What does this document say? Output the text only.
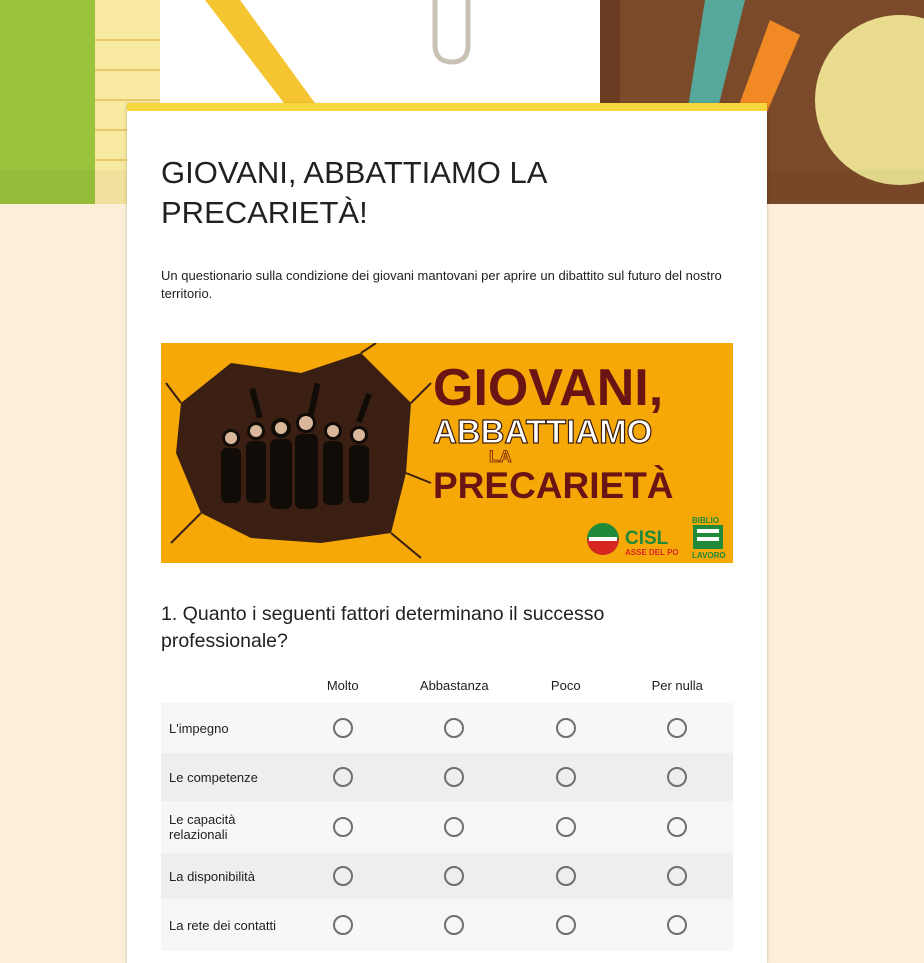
GIOVANI, ABBATTIAMO LA PRECARIETÀ!
Un questionario sulla condizione dei giovani mantovani per aprire un dibattito sul futuro del nostro territorio.
GIOVANI,
ABBATTIAMO
LA
PRECARIETÀ
CISL
ASSE DEL PO
BIBLIO
LAVORO
1. Quanto i seguenti fattori determinano il successo professionale?
Molto	Abbastanza	Poco	Per nulla
L'impegno
Le competenze
Le capacità relazionali
La disponibilità
La rete dei contatti
